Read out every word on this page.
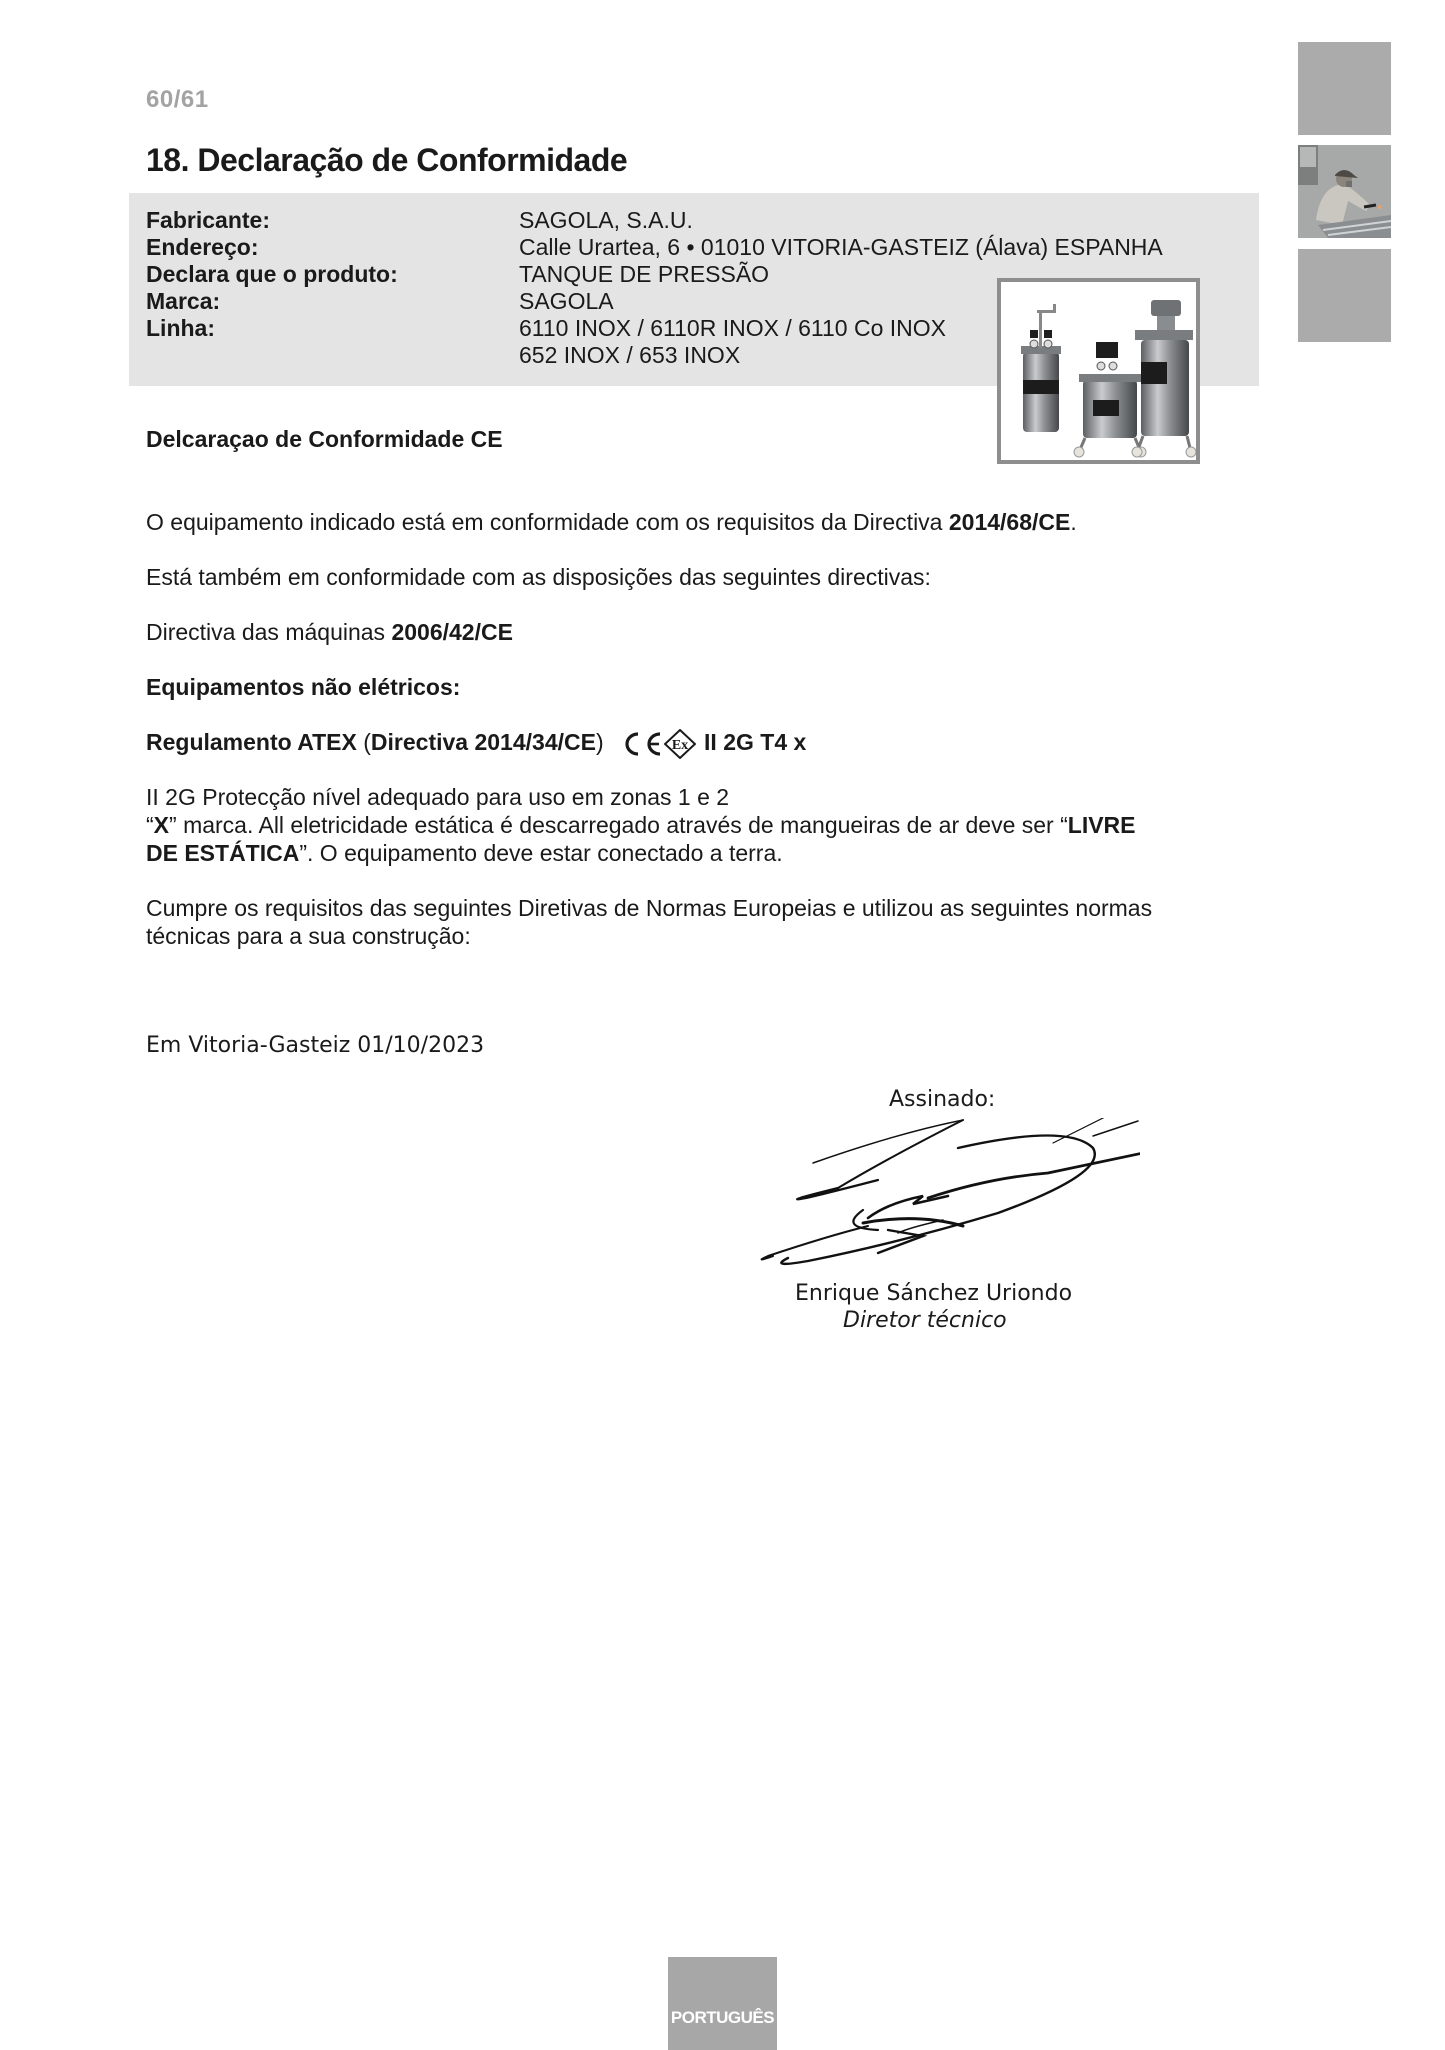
60/61
18. Declaração de Conformidade
Fabricante:	SAGOLA, S.A.U.
Endereço:	Calle Urartea, 6 • 01010 VITORIA-GASTEIZ (Álava) ESPANHA
Declara que o produto:	TANQUE DE PRESSÃO
Marca:	SAGOLA
Linha:	6110 INOX / 6110R INOX / 6110 Co INOX
652 INOX / 653 INOX
Delcaraçao de Conformidade CE
O equipamento indicado está em conformidade com os requisitos da Directiva 2014/68/CE.
Está também em conformidade com as disposições das seguintes directivas:
Directiva das máquinas 2006/42/CE
Equipamentos não elétricos:
Regulamento ATEX (Directiva 2014/34/CE)	Ex II 2G T4 x
II 2G Protecção nível adequado para uso em zonas 1 e 2
“X” marca. All eletricidade estática é descarregado através de mangueiras de ar deve ser “LIVRE
DE ESTÁTICA”. O equipamento deve estar conectado a terra.
Cumpre os requisitos das seguintes Diretivas de Normas Europeias e utilizou as seguintes normas
técnicas para a sua construção:
Em Vitoria-Gasteiz 01/10/2023
Assinado:
Enrique Sánchez Uriondo
Diretor técnico
PORTUGUÊS
